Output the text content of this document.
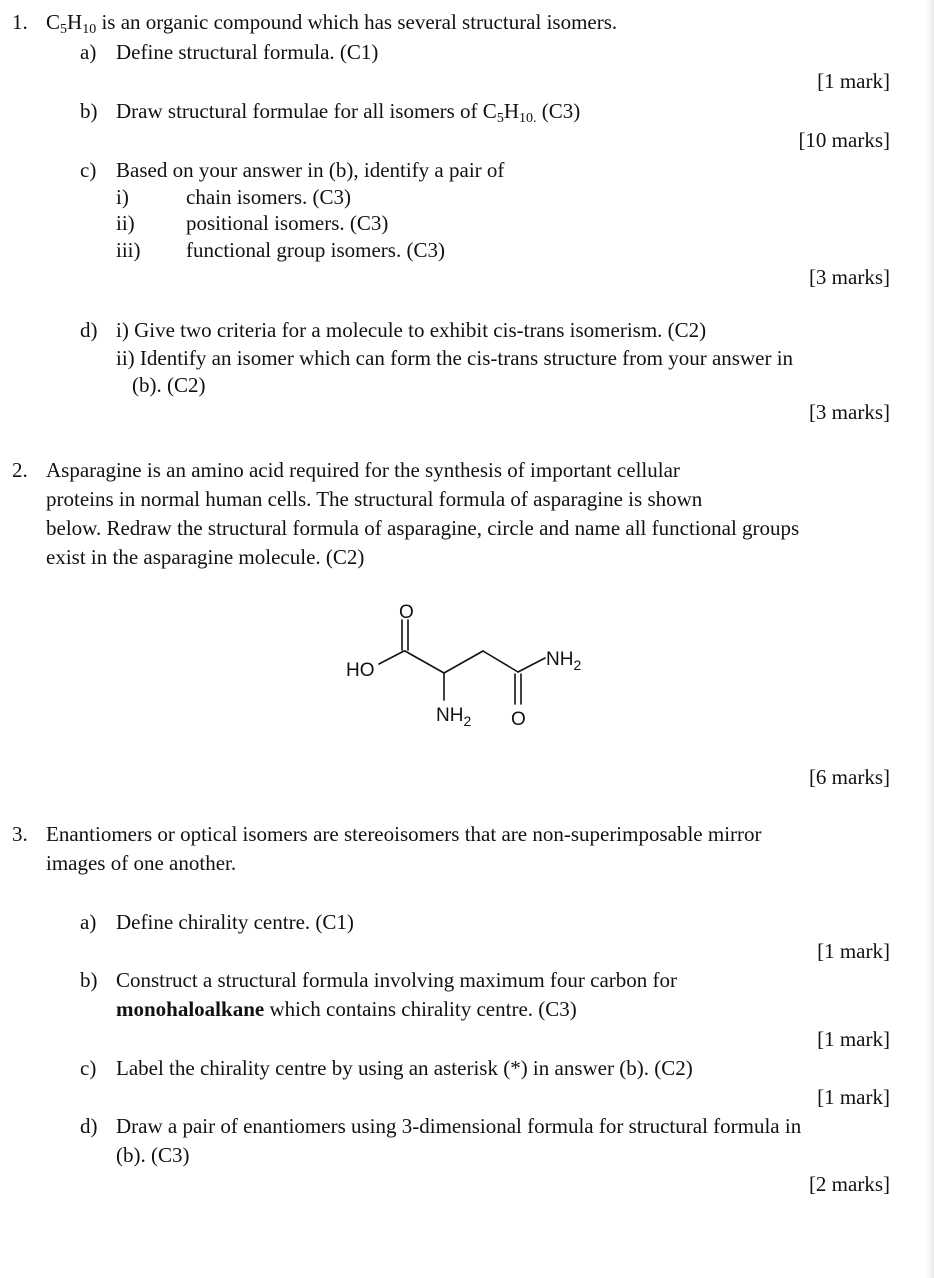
1. $C_5H_{10}$ is an organic compound which has several structural isomers.
a) Define structural formula. (C1)
[1 mark]
b) Draw structural formulae for all isomers of $C_5H_{10.}$ (C3)
[10 marks]
c) Based on your answer in (b), identify a pair of
i)	chain isomers. (C3)
ii) positional isomers. (C3)
iii) functional group isomers. (C3)
[3 marks]
d) i) Give two criteria for a molecule to exhibit cis-trans isomerism. (C2)
ii) Identify an isomer which can form the cis-trans structure from your answer in
(b). (C2)
[3 marks]
2. Asparagine is an amino acid required for the synthesis of important cellular
proteins in normal human cells. The structural formula of asparagine is shown
below. Redraw the structural formula of asparagine, circle and name all functional groups
exist in the asparagine molecule. (C2)
O
HO
$NH_2$
$NH_2$ O
[6 marks]
3. Enantiomers or optical isomers are stereoisomers that are non-superimposable mirror
images of one another.
a) Define chirality centre. (C1)
[1 mark]
b) Construct a structural formula involving maximum four carbon for
monohaloalkane which contains chirality centre. (C3)
[1 mark]
c) Label the chirality centre by using an asterisk (*) in answer (b). (C2)
[1 mark]
d) Draw a pair of enantiomers using 3-dimensional formula for structural formula in
(b). (C3)
[2 marks]
